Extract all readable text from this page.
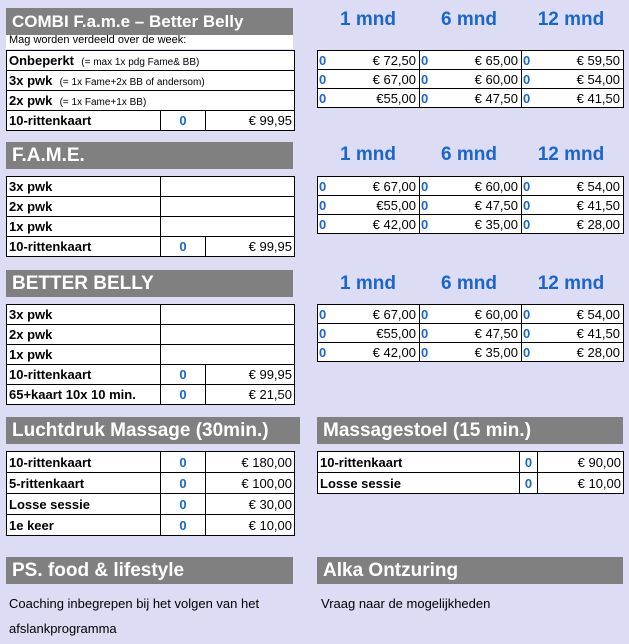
COMBI F.a.m.e – Better Belly
Mag worden verdeeld over de week:
1 mnd	6 mnd	12 mnd
Onbeperkt (= max 1x pdg Fame& BB)
3x pwk (= 1x Fame+2x BB of andersom)
2x pwk (= 1x Fame+1x BB)
10-rittenkaart	0	€ 99,95
0	€ 72,50	0	€ 65,00	0	€ 59,50
0	€ 67,00	0	€ 60,00	0	€ 54,00
0	€55,00	0	€ 47,50	0	€ 41,50
F.A.M.E.	1 mnd	6 mnd	12 mnd
3x pwk		
2x pwk		
1x pwk		
10-rittenkaart	0	€ 99,95
0	€ 67,00	0	€ 60,00	0	€ 54,00
0	€55,00	0	€ 47,50	0	€ 41,50
0	€ 42,00	0	€ 35,00	0	€ 28,00
BETTER BELLY	1 mnd	6 mnd	12 mnd
3x pwk		
2x pwk		
1x pwk		
10-rittenkaart	0	€ 99,95
65+kaart 10x 10 min.	0	€ 21,50
0	€ 67,00	0	€ 60,00	0	€ 54,00
0	€55,00	0	€ 47,50	0	€ 41,50
0	€ 42,00	0	€ 35,00	0	€ 28,00
Luchtdruk Massage (30min.)
10-rittenkaart	0	€ 180,00
5-rittenkaart	0	€ 100,00
Losse sessie	0	€ 30,00
1e keer	0	€ 10,00
Massagestoel (15 min.)
10-rittenkaart	0	€ 90,00
Losse sessie	0	€ 10,00
PS. food & lifestyle
Coaching inbegrepen bij het volgen van het
afslankprogramma
Alka Ontzuring
Vraag naar de mogelijkheden
